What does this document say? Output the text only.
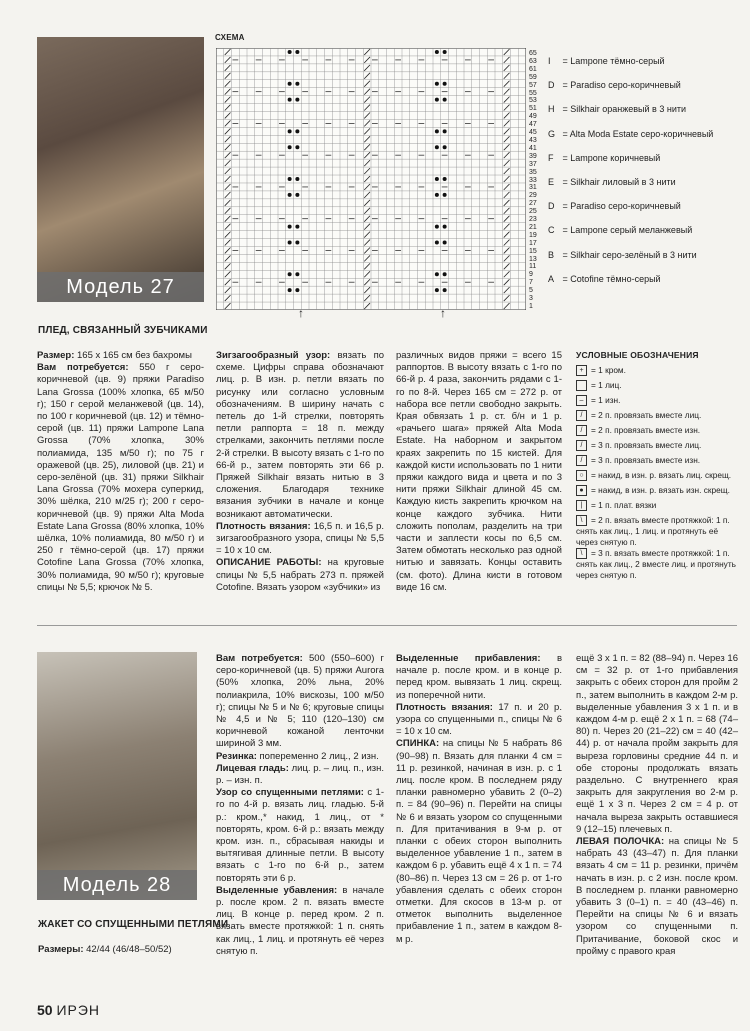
Модель 27
СХЕМА
↑	↑
65
63
61
59
57
55
53
51
49
47
45
43
41
39
37
35
33
31
29
27
25
23
21
19
17
15
13
11
9
7
5
3
1
I = Lampone тёмно-серый
D = Paradiso серо-коричневый
H = Silkhair оранжевый в 3 нити
G = Alta Moda Estate серо-коричневый
F = Lampone коричневый
E = Silkhair лиловый в 3 нити
D = Paradiso серо-коричневый
C = Lampone серый меланжевый
B = Silkhair серо-зелёный в 3 нити
A = Cotofine тёмно-серый
ПЛЕД, СВЯЗАННЫЙ ЗУБЧИКАМИ

Размер: 165 х 165 см без бахромы

Вам потребуется: 550 г серо-коричневой (цв. 9) пряжи Paradiso Lana Grossa (100% хлопка, 65 м/50 г); 150 г серой меланжевой (цв. 14), по 100 г коричневой (цв. 12) и тёмно- серой (цв. 11) пряжи Lampone Lana Grossa (70% хлопка, 30% полиамида, 135 м/50 г); по 75 г оражевой (цв. 25), лиловой (цв. 21) и серо-зелёной (цв. 31) пряжи Silkhair Lana Grossa (70% мохера суперкид, 30% шёлка, 210 м/25 г); 200 г серо-коричневой (цв. 9) пряжи Alta Moda Estate Lana Grossa (80% хлопка, 10% шёлка, 10% полиамида, 80 м/50 г) и 250 г тёмно-серой (цв. 17) пряжи Cotofine Lana Grossa (70% хлопка, 30% полиамида, 90 м/50 г); круговые спицы № 5,5; крючок № 5.

Зигзагообразный узор: вязать по схеме. Цифры справа обозначают лиц. р. В изн. р. петли вязать по рисунку или согласно условным обозначениям. В ширину начать с петель до 1-й стрелки, повторять петли раппорта = 18 п. между стрелками, закончить петлями после 2-й стрелки. В высоту вязать с 1-го по 66-й р., затем повторять эти 66 р. Пряжей Silkhair вязать нитью в 3 сложения. Благодаря технике вязания зубчики в начале и конце возникают автоматически.

Плотность вязания: 16,5 п. и 16,5 р. зигзагообразного узора, спицы № 5,5 = 10 х 10 см.

ОПИСАНИЕ РАБОТЫ: на круговые спицы № 5,5 набрать 273 п. пряжей Cotofine. Вязать узором «зубчики» из

различных видов пряжи = всего 15 раппортов. В высоту вязать с 1-го по 66-й р. 4 раза, закончить рядами с 1-го по 8-й. Через 165 см = 272 р. от набора все петли свободно закрыть. Края обвязать 1 р. ст. б/н и 1 р. «рачьего шага» пряжей Alta Moda Estate. На наборном и закрытом краях закрепить по 15 кистей. Для каждой кисти использовать по 1 нити пряжи каждого вида и цвета и по 3 нити пряжи Silkhair длиной 45 см. Каждую кисть закрепить крючком на конце каждого зубчика. Нити сложить пополам, разделить на три части и заплести косы по 6,5 см. Затем обмотать несколько раз одной нитью и завязать. Концы оставить (см. фото). Длина кисти в готовом виде 16 см.

УСЛОВНЫЕ ОБОЗНАЧЕНИЯ
+ = 1 кром.
= 1 лиц.
– = 1 изн.
/ = 2 п. провязать вместе лиц.
/ = 2 п. провязать вместе изн.
/ = 3 п. провязать вместе лиц.
/ = 3 п. провязать вместе изн.
○ = накид, в изн. р. вязать лиц. скрещ.
● = накид, в изн. р. вязать изн. скрещ.
| = 1 п. плат. вязки
\ = 2 п. вязать вместе протяжкой: 1 п. снять как лиц., 1 лиц. и протянуть её через снятую п.
\ = 3 п. вязать вместе протяжкой: 1 п. снять как лиц., 2 вместе лиц. и протянуть через снятую п.
Модель 28
ЖАКЕТ СО СПУЩЕННЫМИ ПЕТЛЯМИ
Размеры: 42/44 (46/48–50/52)

Вам потребуется: 500 (550–600) г серо-коричневой (цв. 5) пряжи Aurora (50% хлопка, 20% льна, 20% полиакрила, 10% вискозы, 100 м/50 г); спицы № 5 и № 6; круговые спицы № 4,5 и № 5; 110 (120–130) см коричневой кожаной ленточки шириной 3 мм.

Резинка: попеременно 2 лиц., 2 изн.

Лицевая гладь: лиц. р. – лиц. п., изн. р. – изн. п.

Узор со спущенными петлями: с 1-го по 4-й р. вязать лиц. гладью. 5-й р.: кром.,* накид, 1 лиц., от * повторять, кром. 6-й р.: вязать между кром. изн. п., сбрасывая накиды и вытягивая длинные петли. В высоту вязать с 1-го по 6-й р., затем повторять эти 6 р.

Выделенные убавления: в начале р. после кром. 2 п. вязать вместе лиц. В конце р. перед кром. 2 п. вязать вместе протяжкой: 1 п. снять как лиц., 1 лиц. и протянуть её через снятую п.

Выделенные прибавления: в начале р. после кром. и в конце р. перед кром. вывязать 1 лиц. скрещ. из поперечной нити.

Плотность вязания: 17 п. и 20 р. узора со спущенными п., спицы № 6 = 10 х 10 см.

СПИНКА: на спицы № 5 набрать 86 (90–98) п. Вязать для планки 4 см = 11 р. резинкой, начиная в изн. р. с 1 лиц. после кром. В последнем ряду планки равномерно убавить 2 (0–2) п. = 84 (90–96) п. Перейти на спицы № 6 и вязать узором со спущенными п. Для притачивания в 9-м р. от планки с обеих сторон выполнить выделенное убавление 1 п., затем в каждом 6 р. убавить ещё 4 х 1 п. = 74 (80–86) п. Через 13 см = 26 р. от 1-го убавления сделать с обеих сторон отметки. Для скосов в 13-м р. от отметок выполнить выделенное прибавление 1 п., затем в каждом 8-м р.

ещё 3 х 1 п. = 82 (88–94) п. Через 16 см = 32 р. от 1-го прибавления закрыть с обеих сторон для пройм 2 п., затем выполнить в каждом 2-м р. выделенные убавления 3 х 1 п. и в каждом 4-м р. ещё 2 х 1 п. = 68 (74–80) п. Через 20 (21–22) см = 40 (42–44) р. от начала пройм закрыть для выреза горловины средние 44 п. и обе стороны продолжать вязать раздельно. С внутреннего края закрыть для закругления во 2-м р. ещё 1 х 3 п. Через 2 см = 4 р. от начала выреза закрыть оставшиеся 9 (12–15) плечевых п.

ЛЕВАЯ ПОЛОЧКА: на спицы № 5 набрать 43 (43–47) п. Для планки вязать 4 см = 11 р. резинки, причём начать в изн. р. с 2 изн. после кром. В последнем р. планки равномерно убавить 3 (0–1) п. = 40 (43–46) п. Перейти на спицы № 6 и вязать узором со спущенными п. Притачивание, боковой скос и пройму с правого края

50 ИРЭН
